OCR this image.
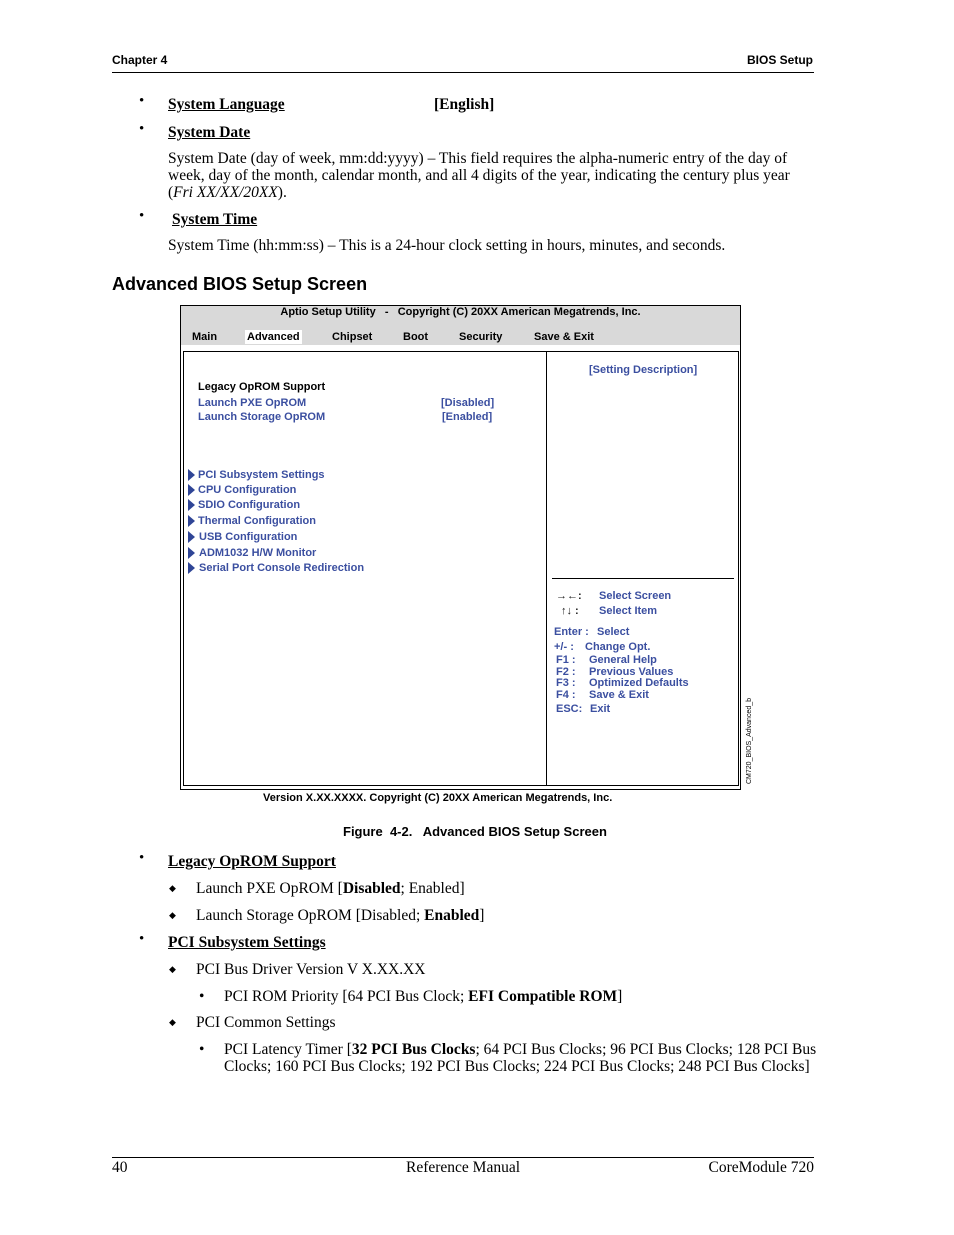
Chapter 4	BIOS Setup
• System Language	[English]
• System Date
System Date (day of week, mm:dd:yyyy) – This field requires the alpha-numeric entry of the day of
week, day of the month, calendar month, and all 4 digits of the year, indicating the century plus year
(Fri XX/XX/20XX).
• System Time
System Time (hh:mm:ss) – This is a 24-hour clock setting in hours, minutes, and seconds.
Advanced BIOS Setup Screen
Aptio Setup Utility   -   Copyright (C) 20XX American Megatrends, Inc.
Main	Advanced	Chipset	Boot	Security	Save & Exit
Legacy OpROM Support
Launch PXE OpROM	[Disabled]
Launch Storage OpROM	[Enabled]
PCI Subsystem Settings
CPU Configuration
SDIO Configuration
Thermal Configuration
USB Configuration
ADM1032 H/W Monitor
Serial Port Console Redirection
[Setting Description]
→←: Select Screen
↑↓ : Select Item
Enter : Select
+/- : Change Opt.
F1 : General Help
F2 : Previous Values
F3 : Optimized Defaults
F4 : Save & Exit
ESC: Exit	CM720_BIOS_Advanced_b
Version X.XX.XXXX. Copyright (C) 20XX American Megatrends, Inc.
Figure  4-2.   Advanced BIOS Setup Screen
• Legacy OpROM Support
◆ Launch PXE OpROM [Disabled; Enabled]
◆ Launch Storage OpROM [Disabled; Enabled]
• PCI Subsystem Settings
◆ PCI Bus Driver Version V X.XX.XX
• PCI ROM Priority [64 PCI Bus Clock; EFI Compatible ROM]
◆ PCI Common Settings
• PCI Latency Timer [32 PCI Bus Clocks; 64 PCI Bus Clocks; 96 PCI Bus Clocks; 128 PCI Bus
Clocks; 160 PCI Bus Clocks; 192 PCI Bus Clocks; 224 PCI Bus Clocks; 248 PCI Bus Clocks]
40	Reference Manual	CoreModule 720
